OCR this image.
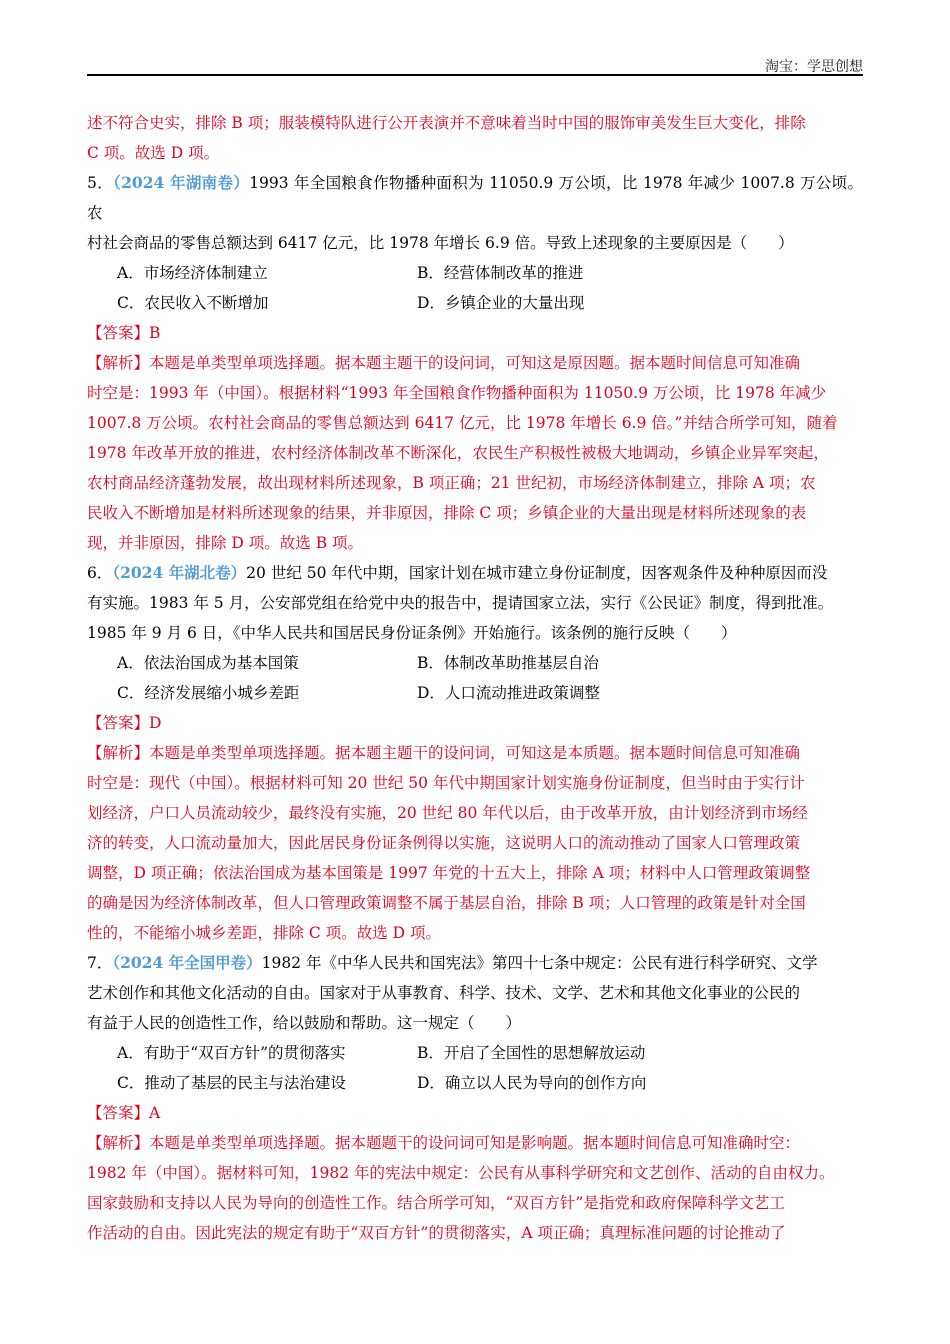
淘宝：学思创想

述不符合史实，排除 B 项；服装模特队进行公开表演并不意味着当时中国的服饰审美发生巨大变化，排除

C 项。故选 D 项。

5．（2024 年湖南卷）1993 年全国粮食作物播种面积为 11050.9 万公顷，比 1978 年减少 1007.8 万公顷。农

村社会商品的零售总额达到 6417 亿元，比 1978 年增长 6.9 倍。导致上述现象的主要原因是（　　）

A．市场经济体制建立	B．经营体制改革的推进

C．农民收入不断增加	D．乡镇企业的大量出现

【答案】B

【解析】本题是单类型单项选择题。据本题主题干的设问词，可知这是原因题。据本题时间信息可知准确

时空是：1993 年（中国）。根据材料“1993 年全国粮食作物播种面积为 11050.9 万公顷，比 1978 年减少

1007.8 万公顷。农村社会商品的零售总额达到 6417 亿元，比 1978 年增长 6.9 倍。”并结合所学可知，随着

1978 年改革开放的推进，农村经济体制改革不断深化，农民生产积极性被极大地调动，乡镇企业异军突起，

农村商品经济蓬勃发展，故出现材料所述现象，B 项正确；21 世纪初，市场经济体制建立，排除 A 项；农

民收入不断增加是材料所述现象的结果，并非原因，排除 C 项；乡镇企业的大量出现是材料所述现象的表

现，并非原因，排除 D 项。故选 B 项。

6．（2024 年湖北卷）20 世纪 50 年代中期，国家计划在城市建立身份证制度，因客观条件及种种原因而没

有实施。1983 年 5 月，公安部党组在给党中央的报告中，提请国家立法，实行《公民证》制度，得到批准。

1985 年 9 月 6 日，《中华人民共和国居民身份证条例》开始施行。该条例的施行反映（　　）

A．依法治国成为基本国策	B．体制改革助推基层自治

C．经济发展缩小城乡差距	D．人口流动推进政策调整

【答案】D

【解析】本题是单类型单项选择题。据本题主题干的设问词，可知这是本质题。据本题时间信息可知准确

时空是：现代（中国）。根据材料可知 20 世纪 50 年代中期国家计划实施身份证制度，但当时由于实行计

划经济，户口人员流动较少，最终没有实施，20 世纪 80 年代以后，由于改革开放，由计划经济到市场经

济的转变，人口流动量加大，因此居民身份证条例得以实施，这说明人口的流动推动了国家人口管理政策

调整，D 项正确；依法治国成为基本国策是 1997 年党的十五大上，排除 A 项；材料中人口管理政策调整

的确是因为经济体制改革，但人口管理政策调整不属于基层自治，排除 B 项；人口管理的政策是针对全国

性的，不能缩小城乡差距，排除 C 项。故选 D 项。

7．（2024 年全国甲卷）1982 年《中华人民共和国宪法》第四十七条中规定：公民有进行科学研究、文学

艺术创作和其他文化活动的自由。国家对于从事教育、科学、技术、文学、艺术和其他文化事业的公民的

有益于人民的创造性工作，给以鼓励和帮助。这一规定（　　）

A．有助于“双百方针”的贯彻落实	B．开启了全国性的思想解放运动

C．推动了基层的民主与法治建设	D．确立以人民为导向的创作方向

【答案】A

【解析】本题是单类型单项选择题。据本题题干的设问词可知是影响题。据本题时间信息可知准确时空：

1982 年（中国）。据材料可知，1982 年的宪法中规定：公民有从事科学研究和文艺创作、活动的自由权力。

国家鼓励和支持以人民为导向的创造性工作。结合所学可知，“双百方针”是指党和政府保障科学文艺工

作活动的自由。因此宪法的规定有助于“双百方针”的贯彻落实，A 项正确；真理标准问题的讨论推动了
